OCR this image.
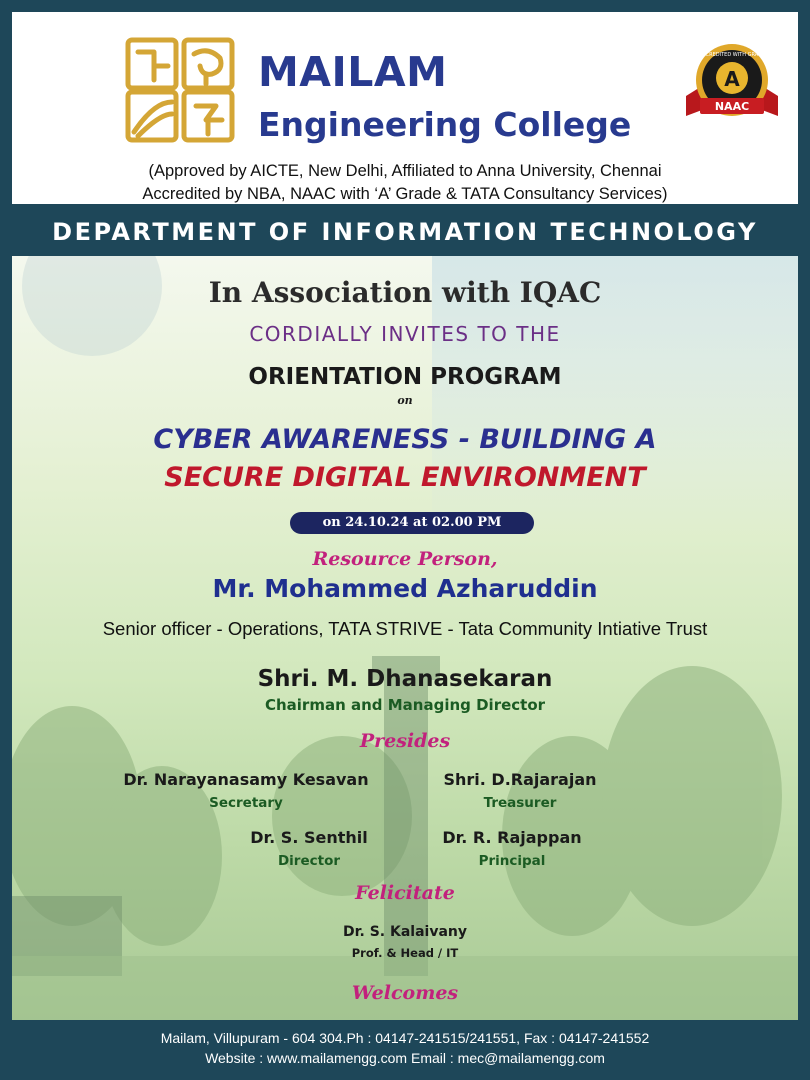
MAILAM
Engineering College
A
NAAC
ACCREDITED WITH GRADE
(Approved by AICTE, New Delhi, Affiliated to Anna University, Chennai
Accredited by NBA, NAAC with ‘A’ Grade & TATA Consultancy Services)
DEPARTMENT OF INFORMATION TECHNOLOGY
In Association with IQAC
CORDIALLY INVITES TO THE
ORIENTATION PROGRAM
on
CYBER AWARENESS - BUILDING A
SECURE DIGITAL ENVIRONMENT
on 24.10.24 at 02.00 PM
Resource Person,
Mr. Mohammed Azharuddin
Senior officer - Operations, TATA STRIVE - Tata Community Intiative Trust
Shri. M. Dhanasekaran
Chairman and Managing Director
Presides
Dr. Narayanasamy Kesavan
Secretary
Shri. D.Rajarajan
Treasurer
Dr. S. Senthil
Director
Dr. R. Rajappan
Principal
Felicitate
Dr. S. Kalaivany
Prof. & Head / IT
Welcomes
Mailam, Villupuram - 604 304.Ph : 04147-241515/241551, Fax : 04147-241552
Website : www.mailamengg.com Email : mec@mailamengg.com
